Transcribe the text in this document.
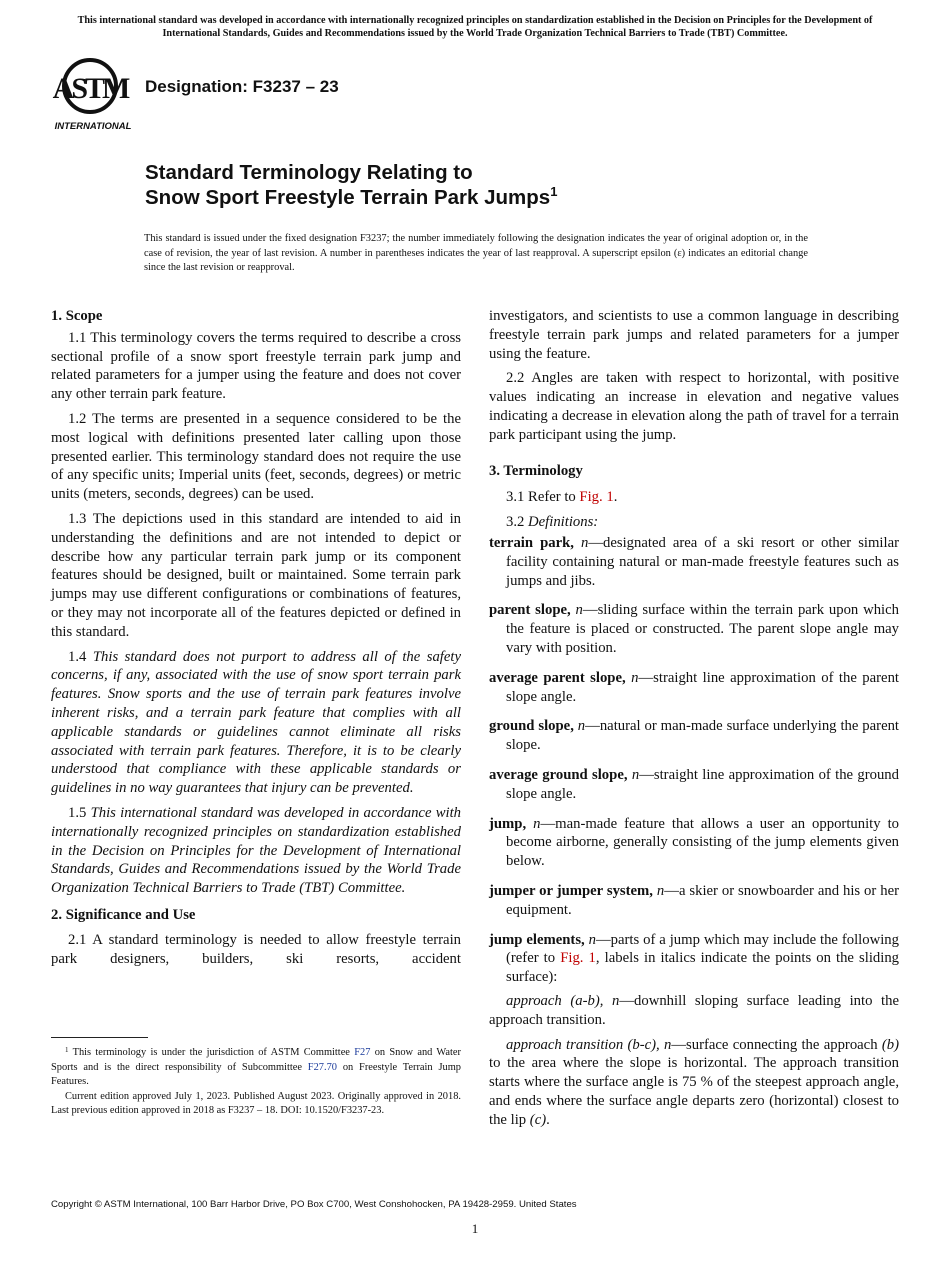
This international standard was developed in accordance with internationally recognized principles on standardization established in the Decision on Principles for the Development of International Standards, Guides and Recommendations issued by the World Trade Organization Technical Barriers to Trade (TBT) Committee.
ASTM
INTERNATIONAL
Designation: F3237 – 23
Standard Terminology Relating to
Snow Sport Freestyle Terrain Park Jumps$^1$
This standard is issued under the fixed designation F3237; the number immediately following the designation indicates the year of original adoption or, in the case of revision, the year of last revision. A number in parentheses indicates the year of last reapproval. A superscript epsilon (ε) indicates an editorial change since the last revision or reapproval.

1. Scope

1.1 This terminology covers the terms required to describe a cross sectional profile of a snow sport freestyle terrain park jump and related parameters for a jumper using the feature and does not cover any other terrain park feature.

1.2 The terms are presented in a sequence considered to be the most logical with definitions presented later calling upon those presented earlier. This terminology standard does not require the use of any specific units; Imperial units (feet, seconds, degrees) or metric units (meters, seconds, degrees) can be used.

1.3 The depictions used in this standard are intended to aid in understanding the definitions and are not intended to depict or describe how any particular terrain park jump or its component features should be designed, built or maintained. Some terrain park jumps may use different configurations or combinations of features, or they may not incorporate all of the features depicted or defined in this standard.

1.4 This standard does not purport to address all of the safety concerns, if any, associated with the use of snow sport terrain park features. Snow sports and the use of terrain park features involve inherent risks, and a terrain park feature that complies with all applicable standards or guidelines cannot eliminate all risks associated with terrain park features. Therefore, it is to be clearly understood that compliance with these applicable standards or guidelines in no way guarantees that injury can be prevented.

1.5 This international standard was developed in accordance with internationally recognized principles on standardization established in the Decision on Principles for the Development of International Standards, Guides and Recommendations issued by the World Trade Organization Technical Barriers to Trade (TBT) Committee.

2. Significance and Use

2.1 A standard terminology is needed to allow freestyle terrain park designers, builders, ski resorts, accident

$^1$ This terminology is under the jurisdiction of ASTM Committee F27 on Snow and Water Sports and is the direct responsibility of Subcommittee F27.70 on Freestyle Terrain Jump Features.

Current edition approved July 1, 2023. Published August 2023. Originally approved in 2018. Last previous edition approved in 2018 as F3237 – 18. DOI: 10.1520/F3237-23.

investigators, and scientists to use a common language in describing freestyle terrain park jumps and related parameters for a jumper using the feature.

2.2 Angles are taken with respect to horizontal, with positive values indicating an increase in elevation and negative values indicating a decrease in elevation along the path of travel for a terrain park participant using the jump.

3. Terminology

3.1 Refer to Fig. 1.

3.2 Definitions:

terrain park, n—designated area of a ski resort or other similar facility containing natural or man-made freestyle features such as jumps and jibs.

parent slope, n—sliding surface within the terrain park upon which the feature is placed or constructed. The parent slope angle may vary with position.

average parent slope, n—straight line approximation of the parent slope angle.

ground slope, n—natural or man-made surface underlying the parent slope.

average ground slope, n—straight line approximation of the ground slope angle.

jump, n—man-made feature that allows a user an opportunity to become airborne, generally consisting of the jump elements given below.

jumper or jumper system, n—a skier or snowboarder and his or her equipment.

jump elements, n—parts of a jump which may include the following (refer to Fig. 1, labels in italics indicate the points on the sliding surface):

approach (a-b), n—downhill sloping surface leading into the approach transition.

approach transition (b-c), n—surface connecting the approach (b) to the area where the slope is horizontal. The approach transition starts where the surface angle is 75 % of the steepest approach angle, and ends where the surface angle departs zero (horizontal) closest to the lip (c).

Copyright © ASTM International, 100 Barr Harbor Drive, PO Box C700, West Conshohocken, PA 19428-2959. United States
1
